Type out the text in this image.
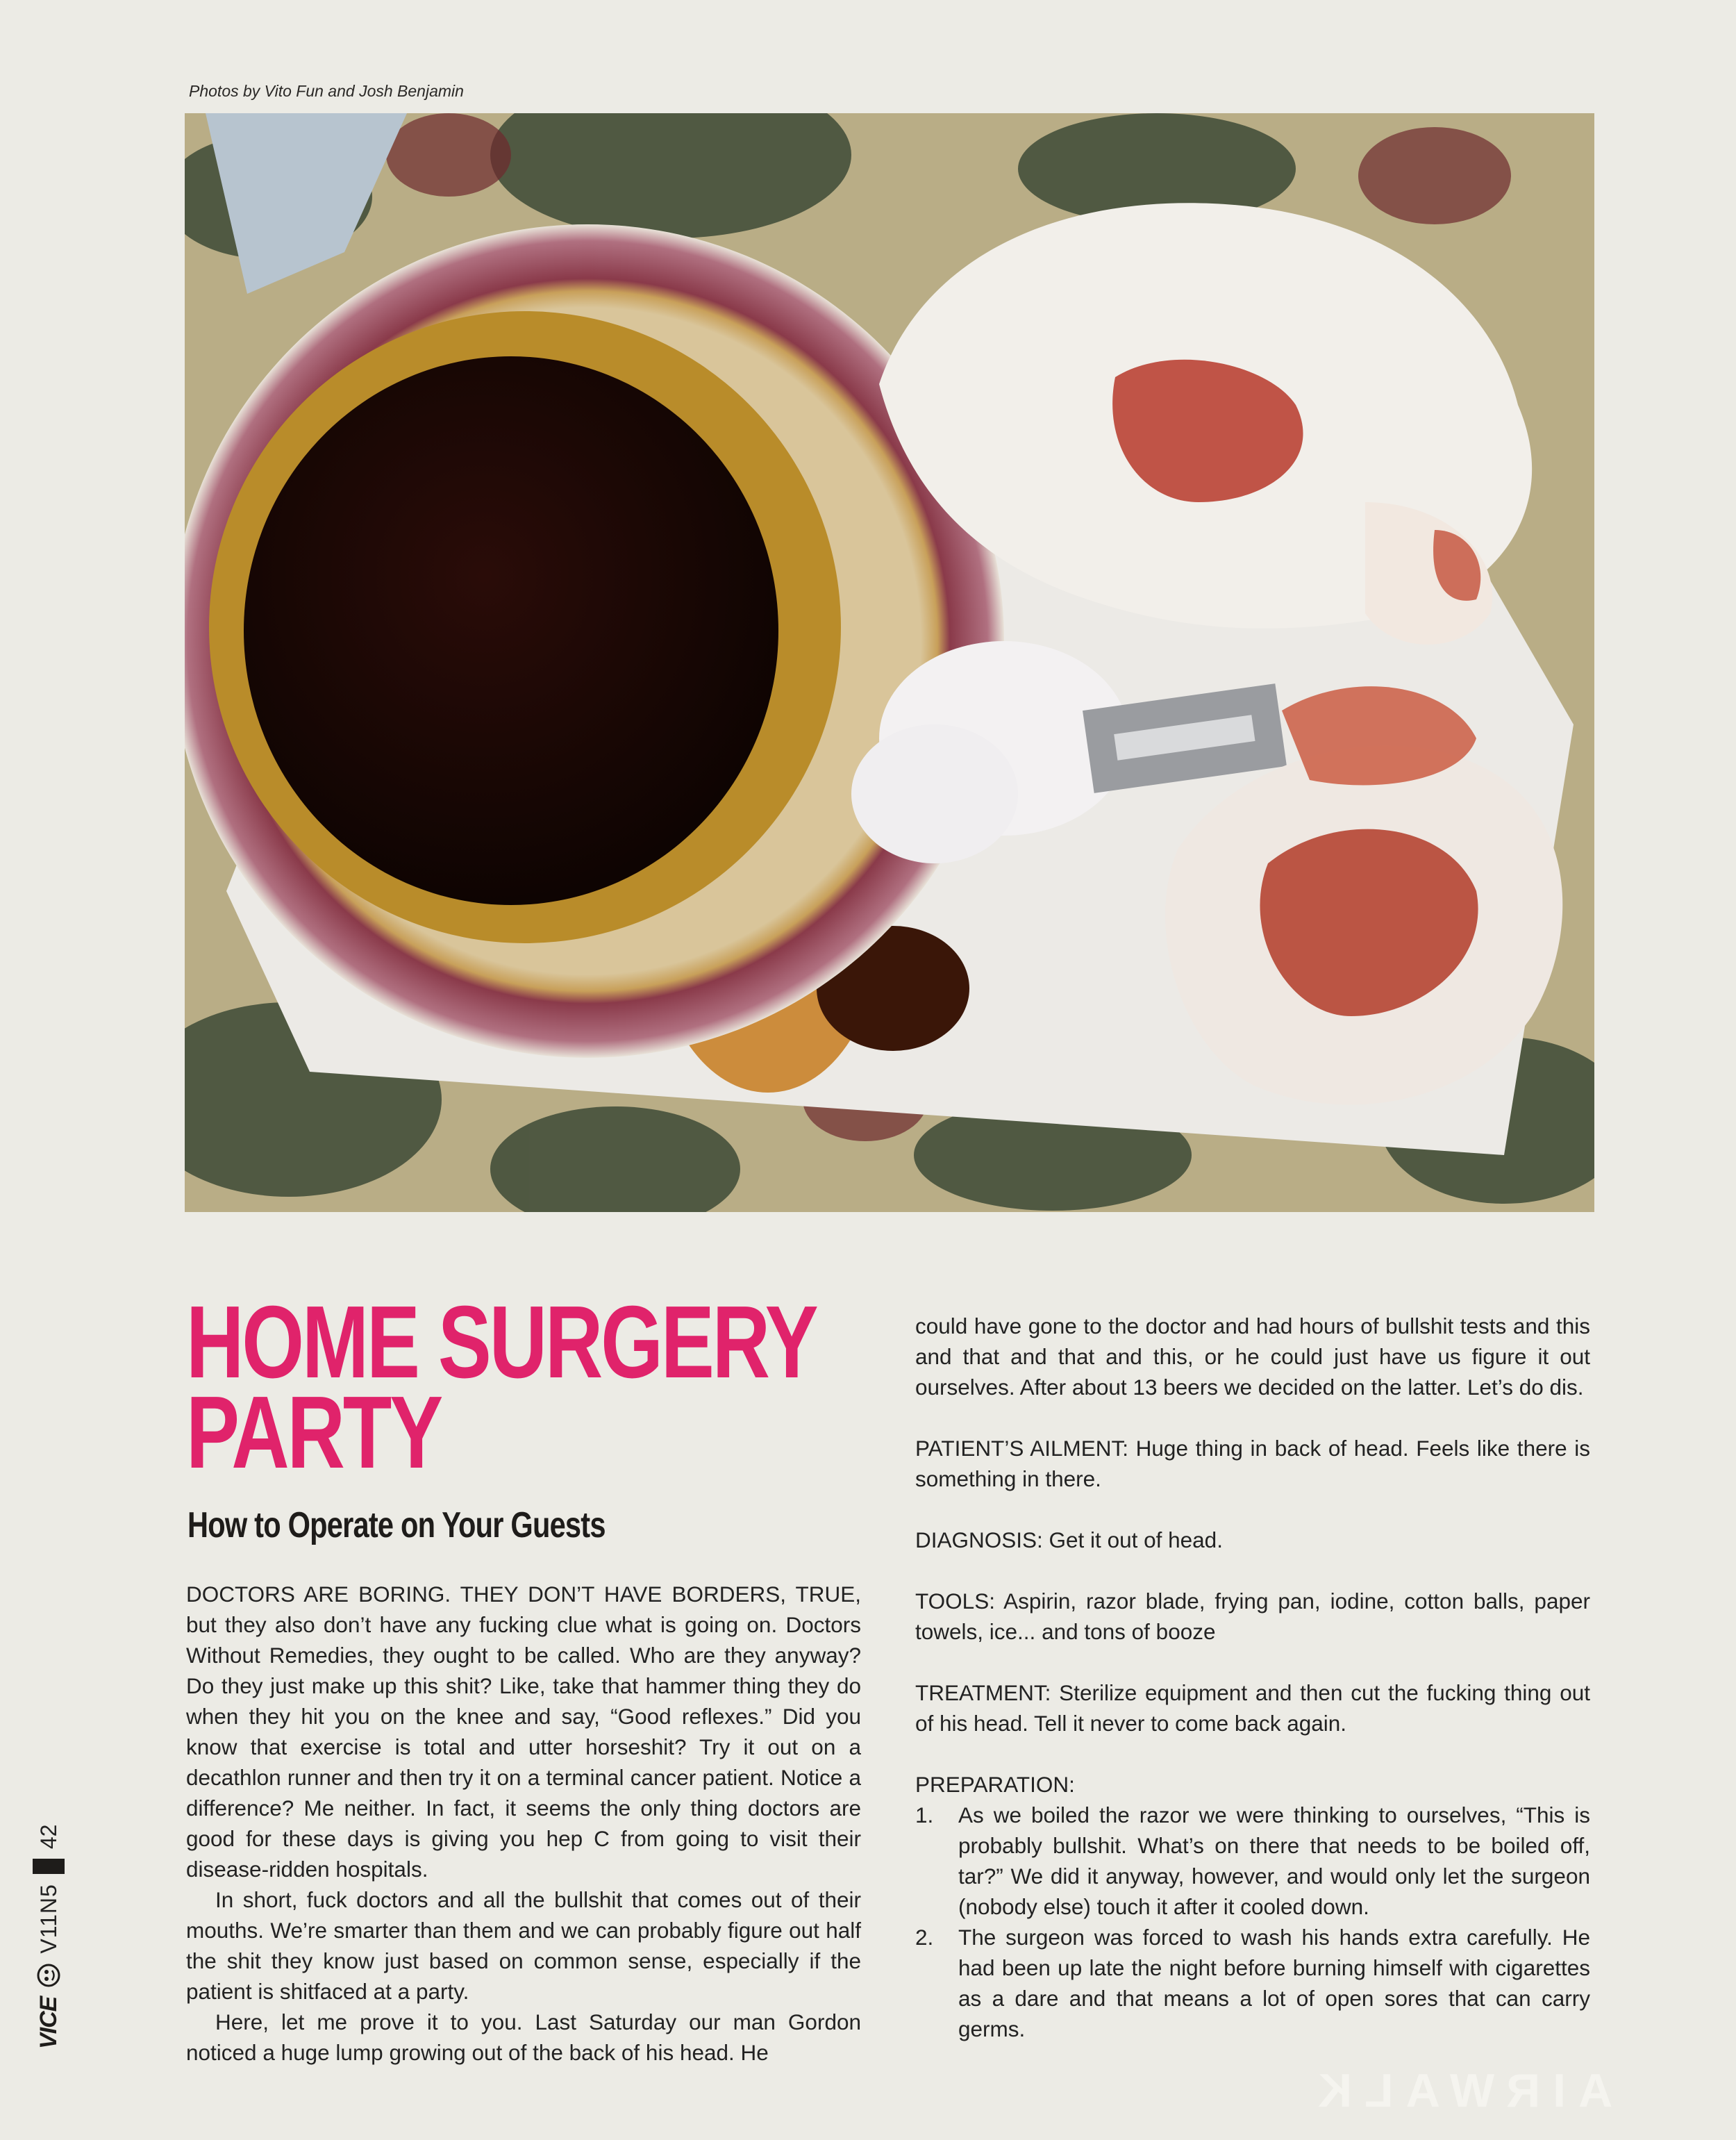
Photos by Vito Fun and Josh Benjamin
HOME SURGERY
PARTY
How to Operate on Your Guests

DOCTORS ARE BORING. THEY DON’T HAVE BORDERS, TRUE, but they also don’t have any fucking clue what is going on. Doctors Without Remedies, they ought to be called. Who are they anyway? Do they just make up this shit? Like, take that hammer thing they do when they hit you on the knee and say, “Good reflexes.” Did you know that exercise is total and utter horseshit? Try it out on a decathlon runner and then try it on a terminal cancer patient. Notice a difference? Me neither. In fact, it seems the only thing doctors are good for these days is giving you hep C from going to visit their disease-ridden hospitals.

In short, fuck doctors and all the bullshit that comes out of their mouths. We’re smarter than them and we can probably figure out half the shit they know just based on common sense, especially if the patient is shitfaced at a party.

Here, let me prove it to you. Last Saturday our man Gordon noticed a huge lump growing out of the back of his head. He

could have gone to the doctor and had hours of bullshit tests and this and that and that and this, or he could just have us figure it out ourselves. After about 13 beers we decided on the latter. Let’s do dis.

PATIENT’S AILMENT: Huge thing in back of head. Feels like there is something in there.

DIAGNOSIS: Get it out of head.

TOOLS: Aspirin, razor blade, frying pan, iodine, cotton balls, paper towels, ice... and tons of booze

TREATMENT: Sterilize equipment and then cut the fucking thing out of his head. Tell it never to come back again.

PREPARATION:

1. As we boiled the razor we were thinking to ourselves, “This is probably bullshit. What’s on there that needs to be boiled off, tar?” We did it anyway, however, and would only let the surgeon (nobody else) touch it after it cooled down.
2. The surgeon was forced to wash his hands extra carefully. He had been up late the night before burning himself with cigarettes as a dare and that means a lot of open sores that can carry germs.
VICE
V11N5
42
AIRWALK
